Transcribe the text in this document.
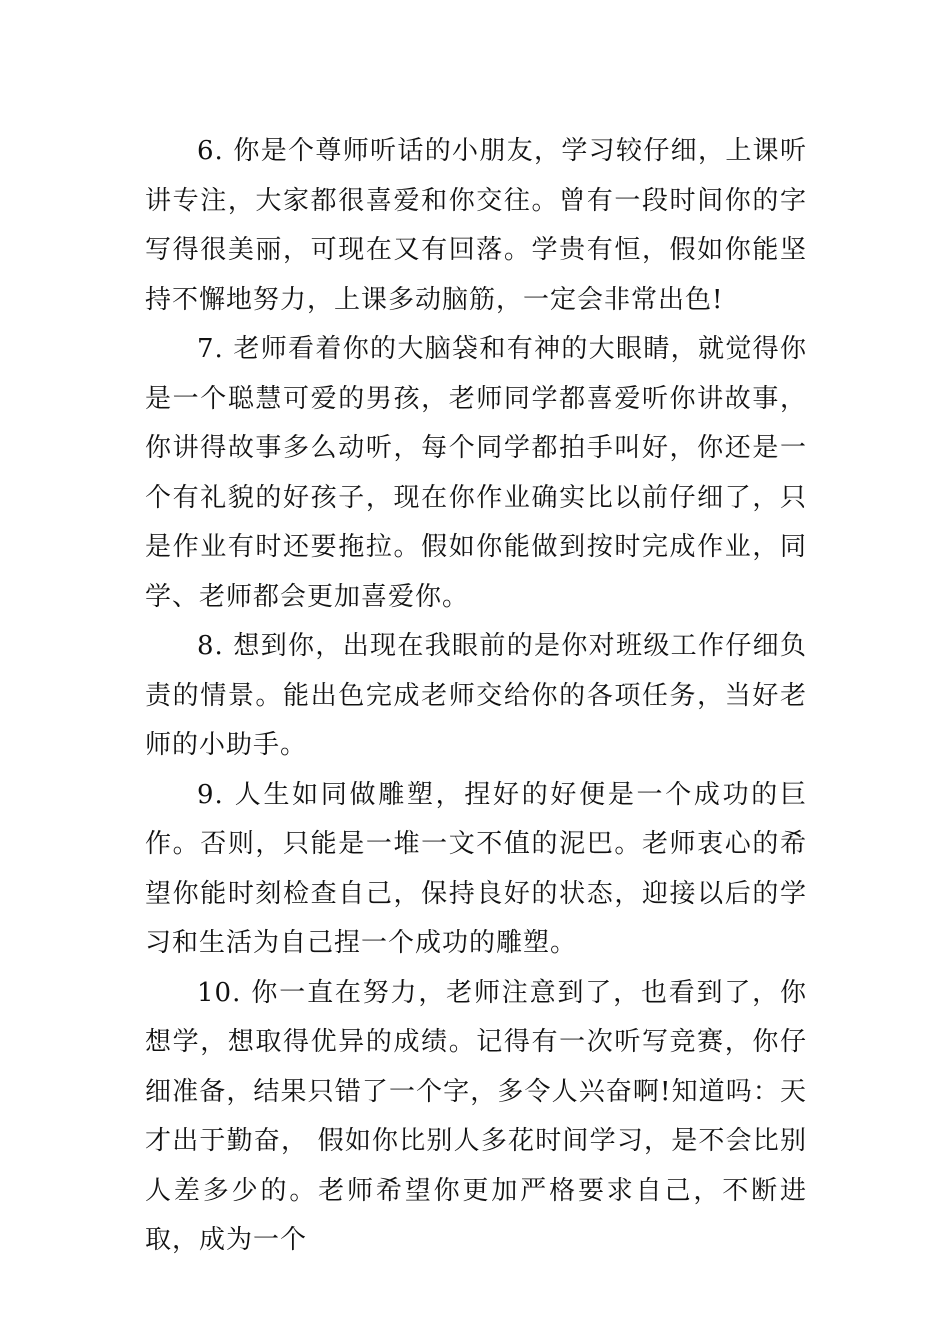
6. 你是个尊师听话的小朋友，学习较仔细，上课听讲专注，大家都很喜爱和你交往。曾有一段时间你的字写得很美丽，可现在又有回落。学贵有恒，假如你能坚持不懈地努力，上课多动脑筋，一定会非常出色!

7. 老师看着你的大脑袋和有神的大眼睛，就觉得你是一个聪慧可爱的男孩，老师同学都喜爱听你讲故事，你讲得故事多么动听，每个同学都拍手叫好，你还是一个有礼貌的好孩子，现在你作业确实比以前仔细了，只是作业有时还要拖拉。假如你能做到按时完成作业，同学、老师都会更加喜爱你。

8. 想到你，出现在我眼前的是你对班级工作仔细负责的情景。能出色完成老师交给你的各项任务，当好老师的小助手。

9. 人生如同做雕塑，捏好的好便是一个成功的巨作。否则，只能是一堆一文不值的泥巴。老师衷心的希望你能时刻检查自己，保持良好的状态，迎接以后的学习和生活为自己捏一个成功的雕塑。

10. 你一直在努力，老师注意到了，也看到了，你想学，想取得优异的成绩。记得有一次听写竞赛，你仔细准备，结果只错了一个字，多令人兴奋啊!知道吗：天才出于勤奋， 假如你比别人多花时间学习，是不会比别人差多少的。老师希望你更加严格要求自己，不断进取，成为一个
